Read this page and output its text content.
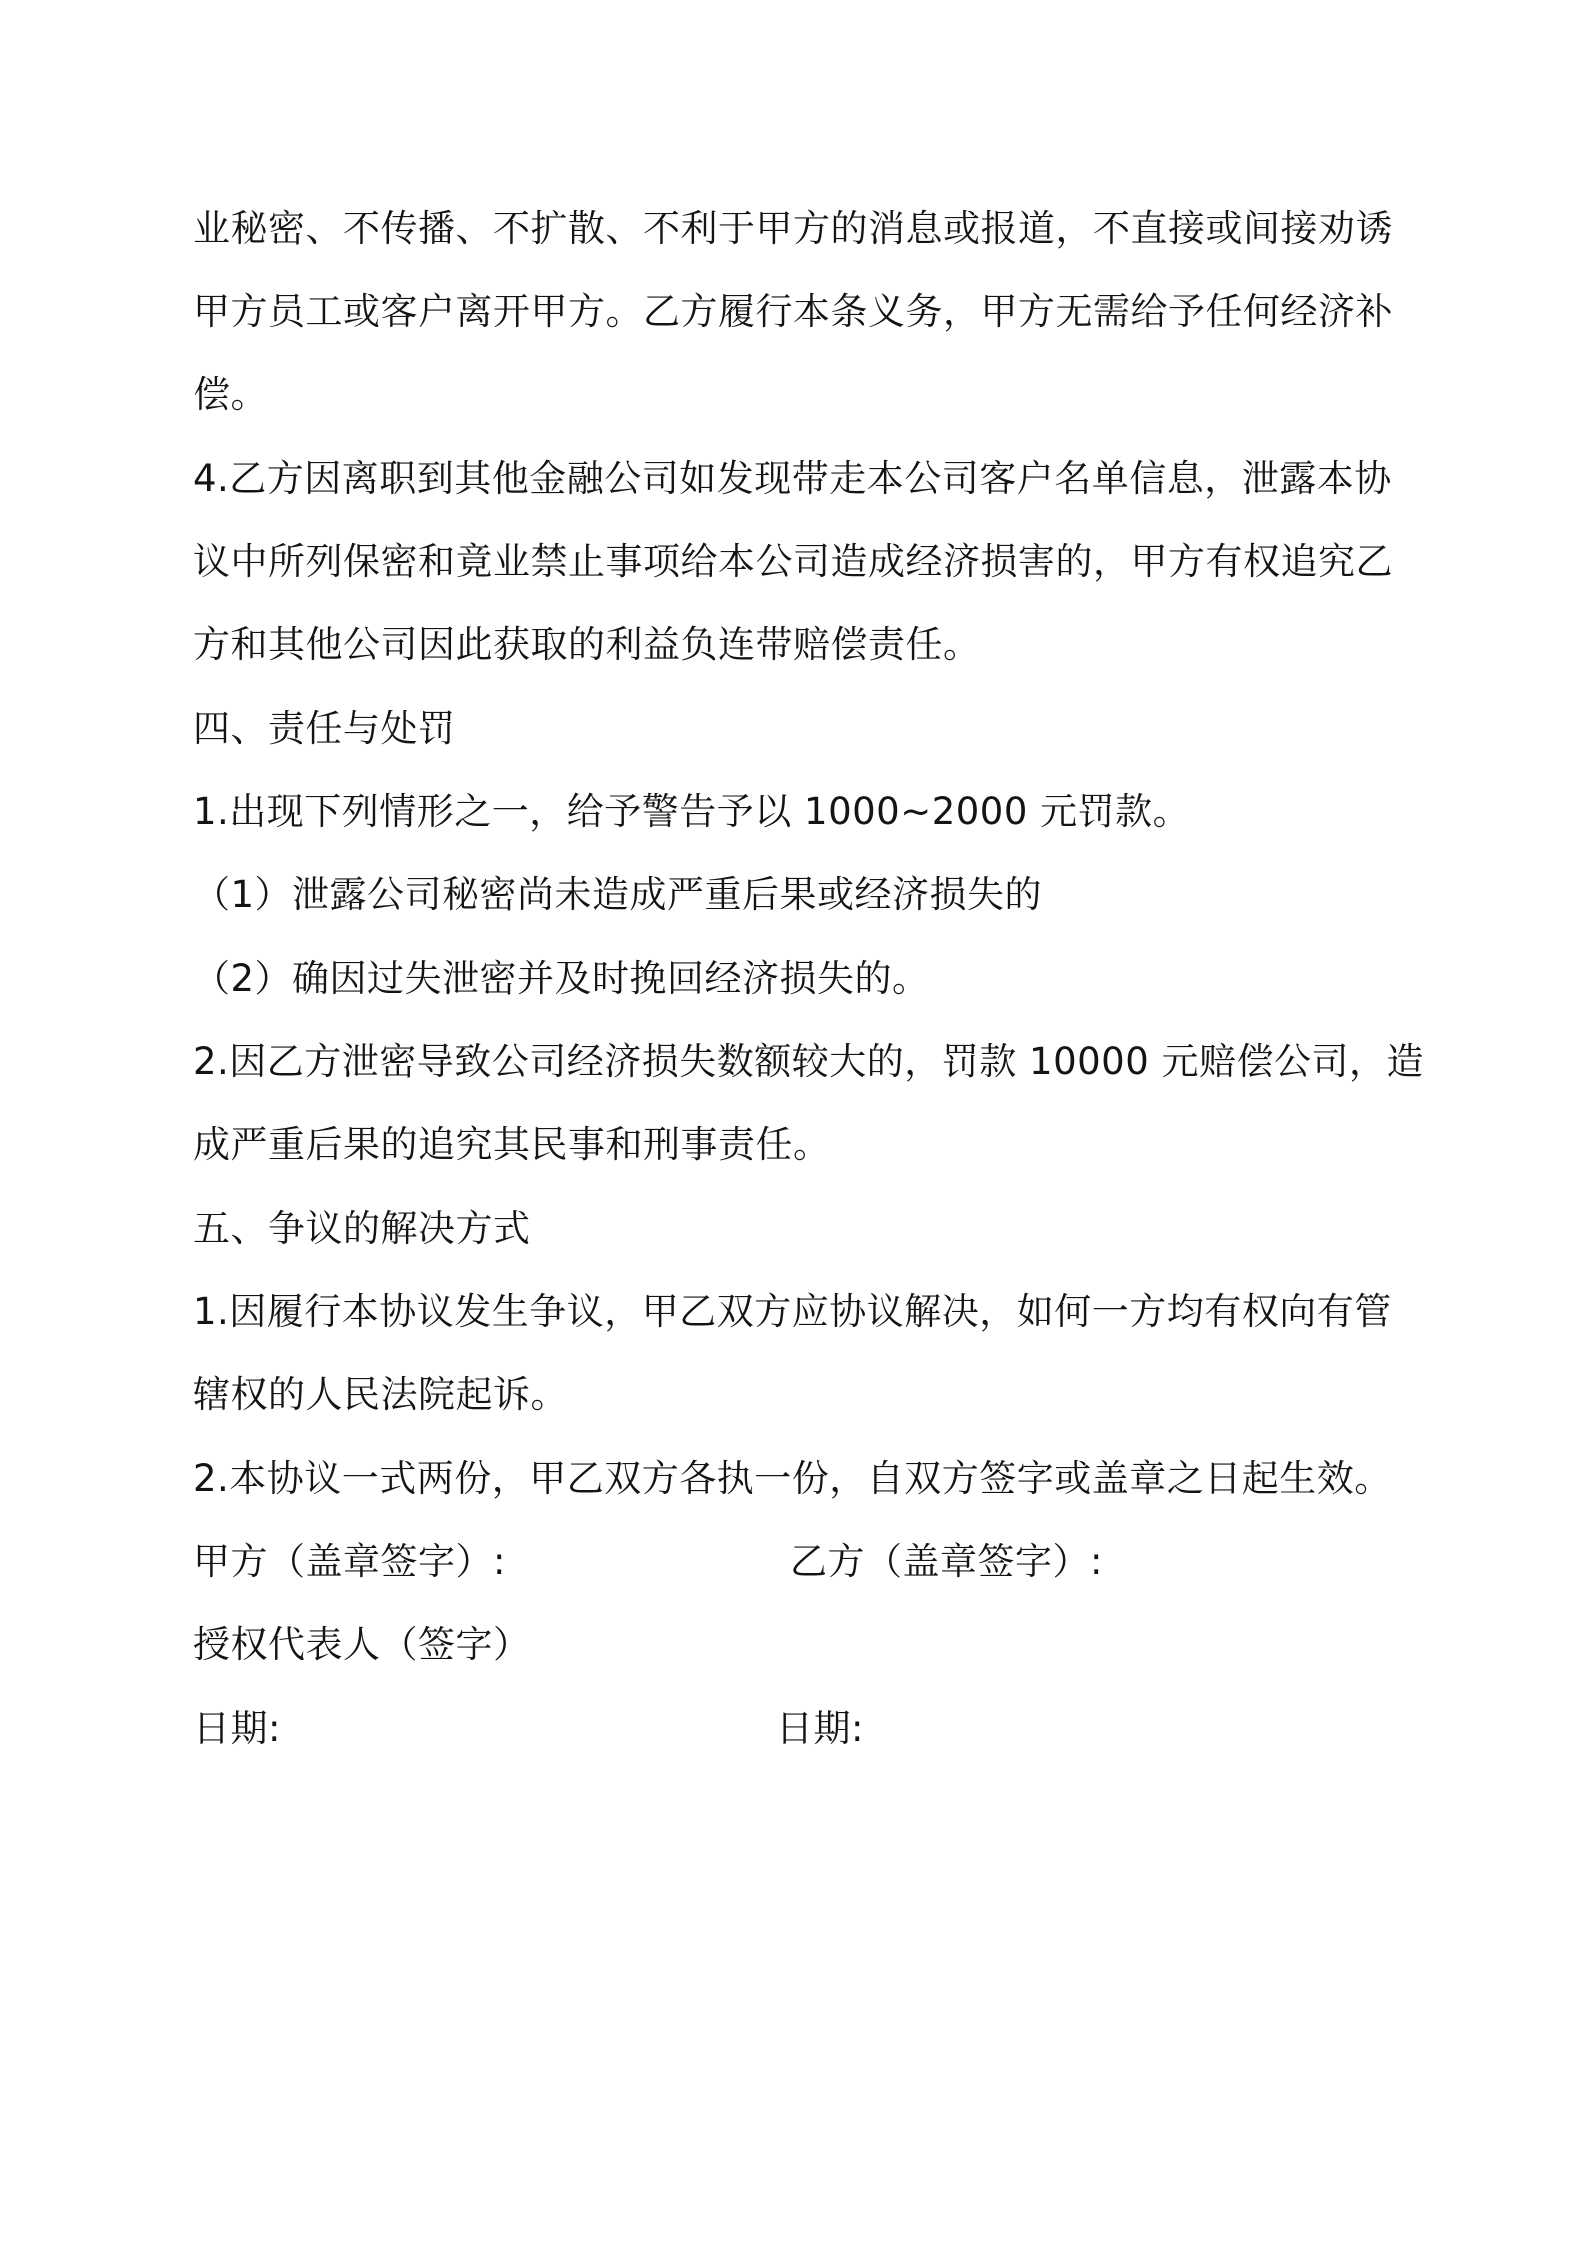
业秘密、不传播、不扩散、不利于甲方的消息或报道，不直接或间接劝诱
甲方员工或客户离开甲方。乙方履行本条义务，甲方无需给予任何经济补
偿。
4.乙方因离职到其他金融公司如发现带走本公司客户名单信息，泄露本协
议中所列保密和竟业禁止事项给本公司造成经济损害的，甲方有权追究乙
方和其他公司因此获取的利益负连带赔偿责任。
四、责任与处罚
1.出现下列情形之一，给予警告予以 1000~2000 元罚款。
（1）泄露公司秘密尚未造成严重后果或经济损失的
（2）确因过失泄密并及时挽回经济损失的。
2.因乙方泄密导致公司经济损失数额较大的，罚款 10000 元赔偿公司，造
成严重后果的追究其民事和刑事责任。
五、争议的解决方式
1.因履行本协议发生争议，甲乙双方应协议解决，如何一方均有权向有管
辖权的人民法院起诉。
2.本协议一式两份，甲乙双方各执一份，自双方签字或盖章之日起生效。
甲方（盖章签字）:	乙方（盖章签字）:
授权代表人（签字）
日期:	日期:
